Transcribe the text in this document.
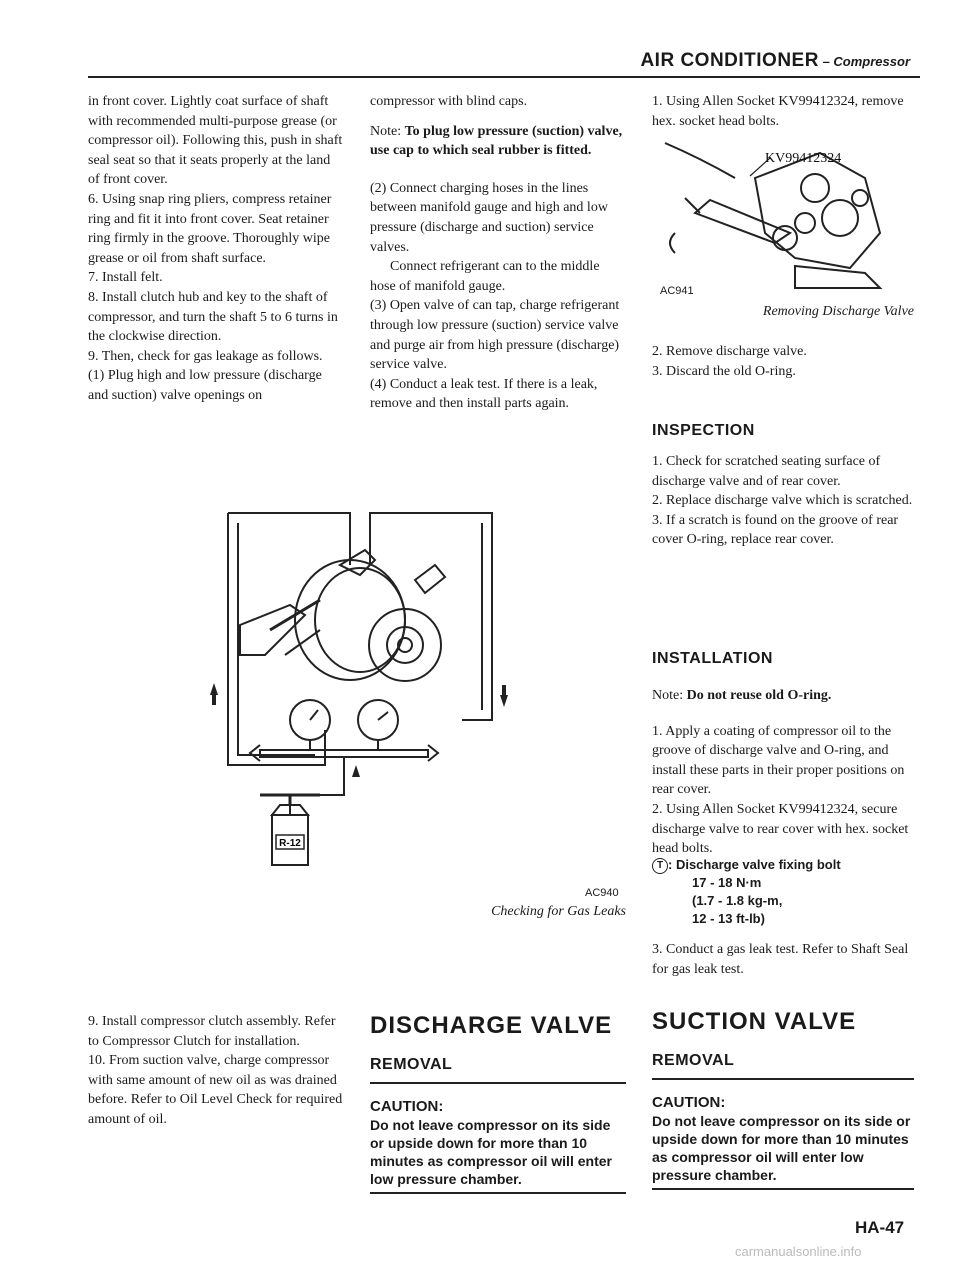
AIR CONDITIONER – Compressor

in front cover. Lightly coat surface of shaft with recommended multi-purpose grease (or compressor oil). Following this, push in shaft seal seat so that it seats properly at the land of front cover.

6. Using snap ring pliers, compress retainer ring and fit it into front cover. Seat retainer ring firmly in the groove. Thoroughly wipe grease or oil from shaft surface.

7. Install felt.

8. Install clutch hub and key to the shaft of compressor, and turn the shaft 5 to 6 turns in the clockwise direction.

9. Then, check for gas leakage as follows.

(1) Plug high and low pressure (discharge and suction) valve openings on

9. Install compressor clutch assembly. Refer to Compressor Clutch for installation.

10. From suction valve, charge compressor with same amount of new oil as was drained before. Refer to Oil Level Check for required amount of oil.

compressor with blind caps.

Note: To plug low pressure (suction) valve, use cap to which seal rubber is fitted.

(2) Connect charging hoses in the lines between manifold gauge and high and low pressure (discharge and suction) service valves.

Connect refrigerant can to the middle hose of manifold gauge.

(3) Open valve of can tap, charge refrigerant through low pressure (suction) service valve and purge air from high pressure (discharge) service valve.

(4) Conduct a leak test. If there is a leak, remove and then install parts again.

R-12
AC940
Checking for Gas Leaks
DISCHARGE VALVE
REMOVAL
CAUTION:
Do not leave compressor on its side or upside down for more than 10 minutes as compressor oil will enter low pressure chamber.

1. Using Allen Socket KV99412324, remove hex. socket head bolts.

KV99412324
AC941
Removing Discharge Valve

2. Remove discharge valve.

3. Discard the old O-ring.

INSPECTION

1. Check for scratched seating surface of discharge valve and of rear cover.

2. Replace discharge valve which is scratched.

3. If a scratch is found on the groove of rear cover O-ring, replace rear cover.

INSTALLATION

Note: Do not reuse old O-ring.

1. Apply a coating of compressor oil to the groove of discharge valve and O-ring, and install these parts in their proper positions on rear cover.

2. Using Allen Socket KV99412324, secure discharge valve to rear cover with hex. socket head bolts.

T : Discharge valve fixing bolt
17 - 18 N·m
(1.7 - 1.8 kg-m,
12 - 13 ft-lb)

3. Conduct a gas leak test. Refer to Shaft Seal for gas leak test.

SUCTION VALVE
REMOVAL
CAUTION:
Do not leave compressor on its side or upside down for more than 10 minutes as compressor oil will enter low pressure chamber.
HA-47
carmanualsonline.info
